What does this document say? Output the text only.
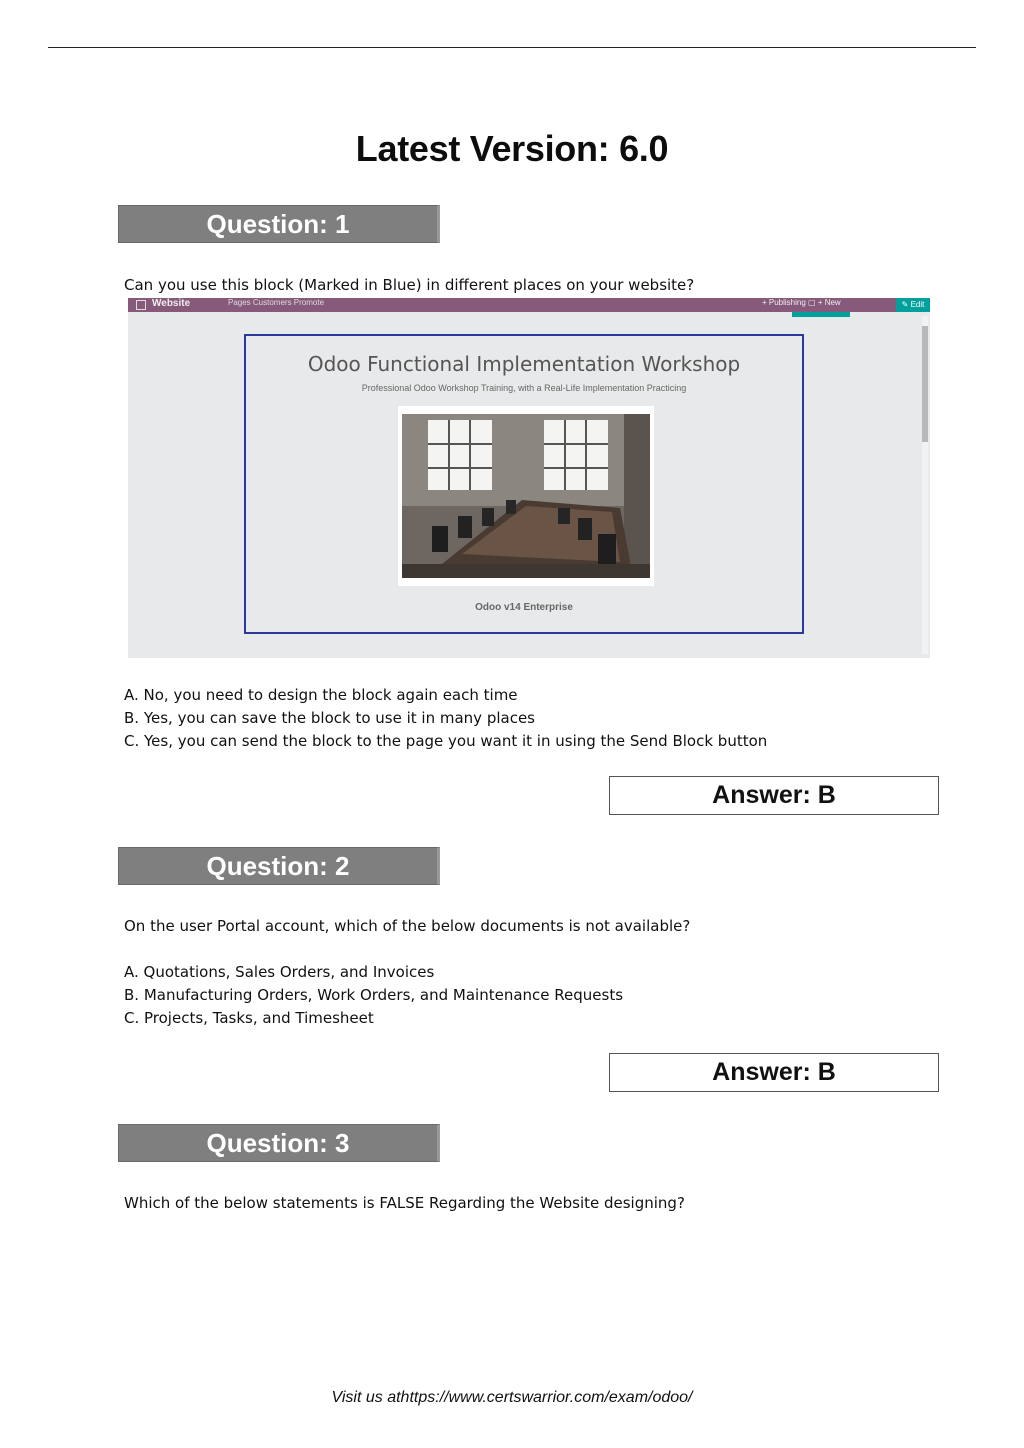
Latest Version: 6.0
Question: 1
Can you use this block (Marked in Blue) in different places on your website?
Website	Pages Customers Promote	+ Publishing ▢ + New	✎ Edit
Odoo Functional Implementation Workshop
Professional Odoo Workshop Training, with a Real-Life Implementation Practicing
Odoo v14 Enterprise
A. No, you need to design the block again each time
B. Yes, you can save the block to use it in many places
C. Yes, you can send the block to the page you want it in using the Send Block button
Answer: B
Question: 2
On the user Portal account, which of the below documents is not available?
A. Quotations, Sales Orders, and Invoices
B. Manufacturing Orders, Work Orders, and Maintenance Requests
C. Projects, Tasks, and Timesheet
Answer: B
Question: 3
Which of the below statements is FALSE Regarding the Website designing?
Visit us athttps://www.certswarrior.com/exam/odoo/
